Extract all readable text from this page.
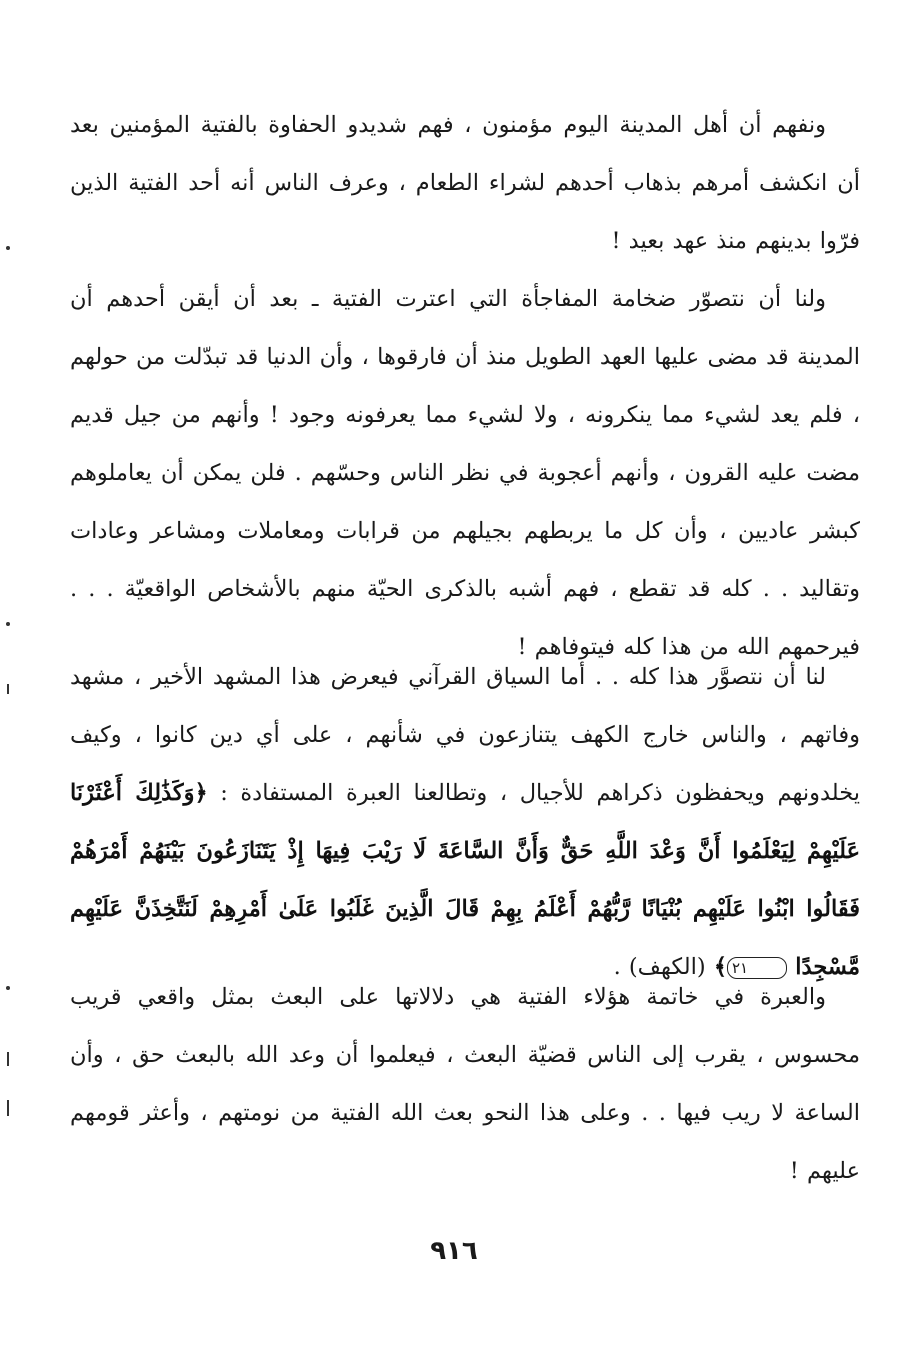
ونفهم أن أهل المدينة اليوم مؤمنون ، فهم شديدو الحفاوة بالفتية المؤمنين بعد أن انكشف أمرهم بذهاب أحدهم لشراء الطعام ، وعرف الناس أنه أحد الفتية الذين فرّوا بدينهم منذ عهد بعيد !

ولنا أن نتصوّر ضخامة المفاجأة التي اعترت الفتية ـ بعد أن أيقن أحدهم أن المدينة قد مضى عليها العهد الطويل منذ أن فارقوها ، وأن الدنيا قد تبدّلت من حولهم ، فلم يعد لشيء مما ينكرونه ، ولا لشيء مما يعرفونه وجود ! وأنهم من جيل قديم مضت عليه القرون ، وأنهم أعجوبة في نظر الناس وحسّهم . فلن يمكن أن يعاملوهم كبشر عاديين ، وأن كل ما يربطهم بجيلهم من قرابات ومعاملات ومشاعر وعادات وتقاليد . . كله قد تقطع ، فهم أشبه بالذكرى الحيّة منهم بالأشخاص الواقعيّة . . . فيرحمهم الله من هذا كله فيتوفاهم !

لنا أن نتصوَّر هذا كله . . أما السياق القرآني فيعرض هذا المشهد الأخير ، مشهد وفاتهم ، والناس خارج الكهف يتنازعون في شأنهم ، على أي دين كانوا ، وكيف يخلدونهم ويحفظون ذكراهم للأجيال ، وتطالعنا العبرة المستفادة : ﴿وَكَذَٰلِكَ أَعْثَرْنَا عَلَيْهِمْ لِيَعْلَمُوا أَنَّ وَعْدَ اللَّهِ حَقٌّ وَأَنَّ السَّاعَةَ لَا رَيْبَ فِيهَا إِذْ يَتَنَازَعُونَ بَيْنَهُمْ أَمْرَهُمْ فَقَالُوا ابْنُوا عَلَيْهِم بُنْيَانًا رَّبُّهُمْ أَعْلَمُ بِهِمْ قَالَ الَّذِينَ غَلَبُوا عَلَىٰ أَمْرِهِمْ لَنَتَّخِذَنَّ عَلَيْهِم مَّسْجِدًا ٢١﴾ (الكهف) .

والعبرة في خاتمة هؤلاء الفتية هي دلالاتها على البعث بمثل واقعي قريب محسوس ، يقرب إلى الناس قضيّة البعث ، فيعلموا أن وعد الله بالبعث حق ، وأن الساعة لا ريب فيها . . وعلى هذا النحو بعث الله الفتية من نومتهم ، وأعثر قومهم عليهم !

٩١٦
